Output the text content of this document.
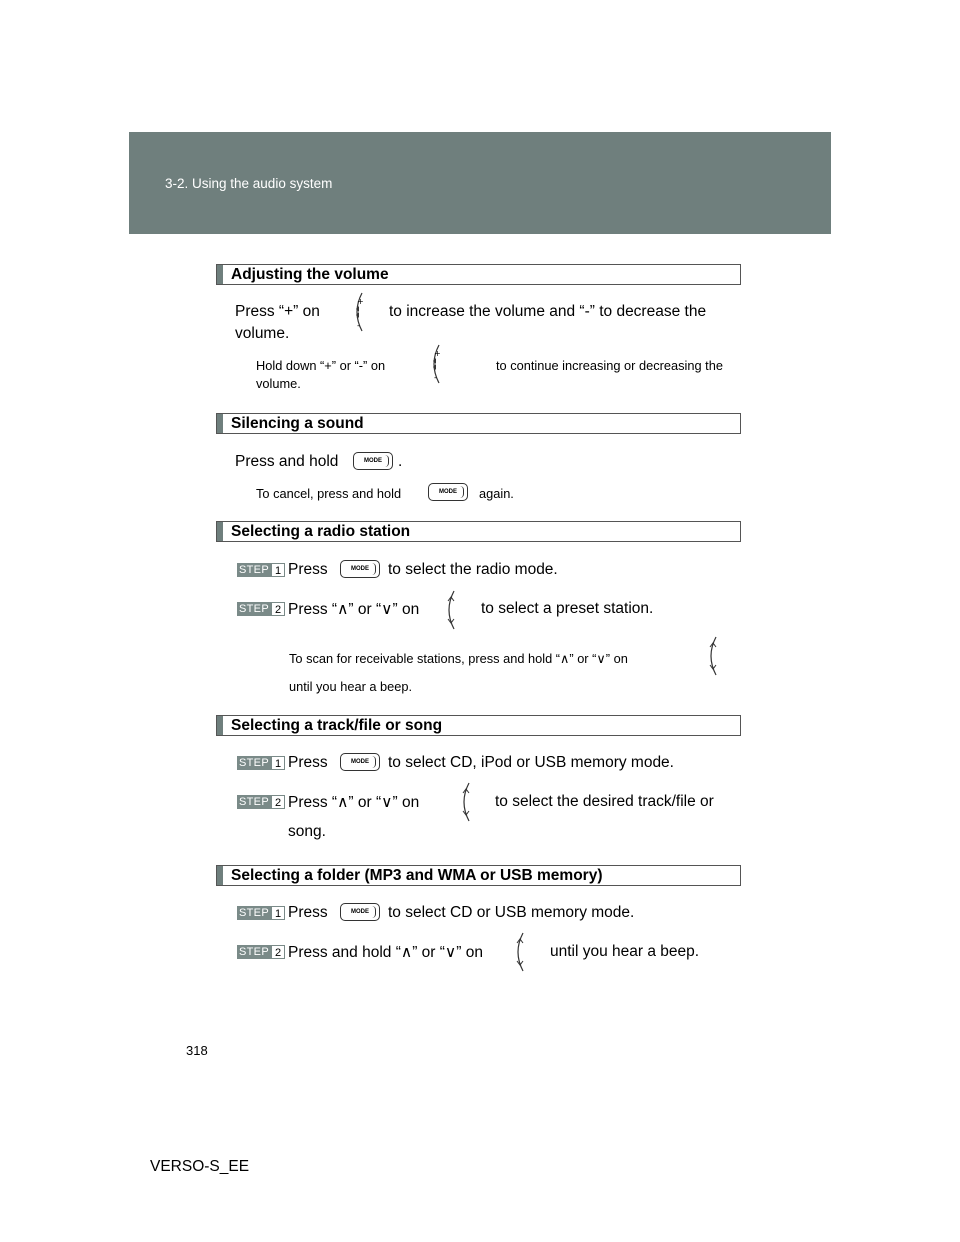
3-2. Using the audio system
Adjusting the volume
Press “+” on
+
-
to increase the volume and “-” to decrease the
volume.
Hold down “+” or “-” on
+
-
to continue increasing or decreasing the
volume.
Silencing a sound
Press and hold	MODE	.
To cancel, press and hold	MODE	again.
Selecting a radio station
STEP 1 Press	MODE	to select the radio mode.
STEP 2 Press “∧” or “∨” on	to select a preset station.
To scan for receivable stations, press and hold “∧” or “∨” on
until you hear a beep.
Selecting a track/file or song
STEP 1 Press	MODE	to select CD, iPod or USB memory mode.
STEP 2 Press “∧” or “∨” on	to select the desired track/file or
song.
Selecting a folder (MP3 and WMA or USB memory)
STEP 1 Press	MODE	to select CD or USB memory mode.
STEP 2 Press and hold “∧” or “∨” on	until you hear a beep.
318
VERSO-S_EE
